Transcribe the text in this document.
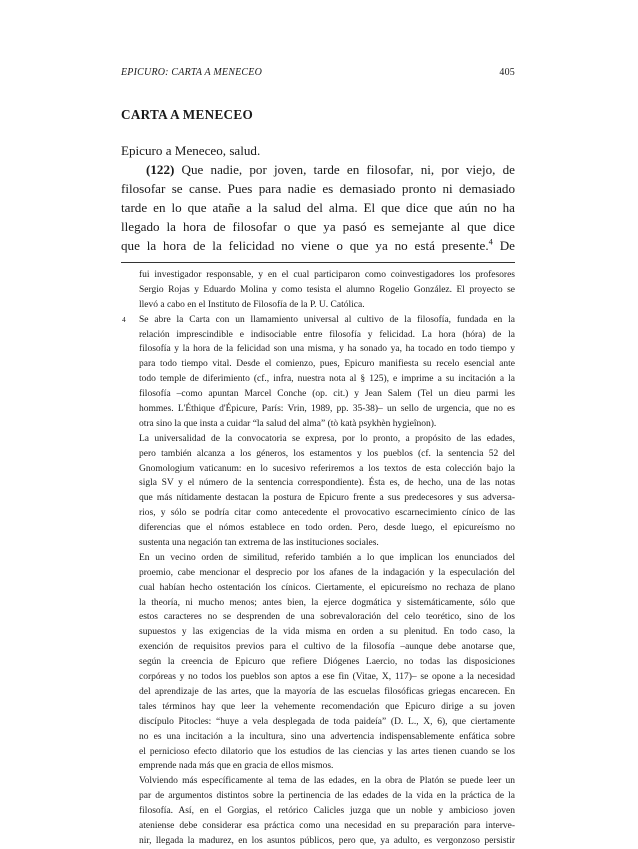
EPICURO: CARTA A MENECEO	405
CARTA A MENECEO
Epicuro a Meneceo, salud.
(122) Que nadie, por joven, tarde en filosofar, ni, por viejo, de
filosofar se canse. Pues para nadie es demasiado pronto ni demasiado
tarde en lo que atañe a la salud del alma. El que dice que aún no ha
llegado la hora de filosofar o que ya pasó es semejante al que dice
que la hora de la felicidad no viene o que ya no está presente.$^4$ De
fui investigador responsable, y en el cual participaron como coinvestigadores los profesores
Sergio Rojas y Eduardo Molina y como tesista el alumno Rogelio González. El proyecto se
llevó a cabo en el Instituto de Filosofía de la P. U. Católica.
4 Se abre la Carta con un llamamiento universal al cultivo de la filosofía, fundada en la
relación imprescindible e indisociable entre filosofía y felicidad. La hora (hóra) de la
filosofía y la hora de la felicidad son una misma, y ha sonado ya, ha tocado en todo tiempo y
para todo tiempo vital. Desde el comienzo, pues, Epicuro manifiesta su recelo esencial ante
todo temple de diferimiento (cf., infra, nuestra nota al § 125), e imprime a su incitación a la
filosofía –como apuntan Marcel Conche (op. cit.) y Jean Salem (Tel un dieu parmi les
hommes. L'Éthique d'Épicure, París: Vrin, 1989, pp. 35-38)– un sello de urgencia, que no es
otra sino la que insta a cuidar “la salud del alma” (tò katà psykhèn hygieînon).
La universalidad de la convocatoria se expresa, por lo pronto, a propósito de las edades,
pero también alcanza a los géneros, los estamentos y los pueblos (cf. la sentencia 52 del
Gnomologium vaticanum: en lo sucesivo referiremos a los textos de esta colección bajo la
sigla SV y el número de la sentencia correspondiente). Ésta es, de hecho, una de las notas
que más nítidamente destacan la postura de Epicuro frente a sus predecesores y sus adversa-
rios, y sólo se podría citar como antecedente el provocativo escarnecimiento cínico de las
diferencias que el nómos establece en todo orden. Pero, desde luego, el epicureísmo no
sustenta una negación tan extrema de las instituciones sociales.
En un vecino orden de similitud, referido también a lo que implican los enunciados del
proemio, cabe mencionar el desprecio por los afanes de la indagación y la especulación del
cual habían hecho ostentación los cínicos. Ciertamente, el epicureísmo no rechaza de plano
la theoría, ni mucho menos; antes bien, la ejerce dogmática y sistemáticamente, sólo que
estos caracteres no se desprenden de una sobrevaloración del celo teorético, sino de los
supuestos y las exigencias de la vida misma en orden a su plenitud. En todo caso, la
exención de requisitos previos para el cultivo de la filosofía –aunque debe anotarse que,
según la creencia de Epicuro que refiere Diógenes Laercio, no todas las disposiciones
corpóreas y no todos los pueblos son aptos a ese fin (Vitae, X, 117)– se opone a la necesidad
del aprendizaje de las artes, que la mayoría de las escuelas filosóficas griegas encarecen. En
tales términos hay que leer la vehemente recomendación que Epicuro dirige a su joven
discípulo Pitocles: “huye a vela desplegada de toda paideía” (D. L., X, 6), que ciertamente
no es una incitación a la incultura, sino una advertencia indispensablemente enfática sobre
el pernicioso efecto dilatorio que los estudios de las ciencias y las artes tienen cuando se los
emprende nada más que en gracia de ellos mismos.
Volviendo más específicamente al tema de las edades, en la obra de Platón se puede leer un
par de argumentos distintos sobre la pertinencia de las edades de la vida en la práctica de la
filosofía. Así, en el Gorgias, el retórico Calicles juzga que un noble y ambicioso joven
ateniense debe considerar esa práctica como una necesidad en su preparación para interve-
nir, llegada la madurez, en los asuntos públicos, pero que, ya adulto, es vergonzoso persistir
